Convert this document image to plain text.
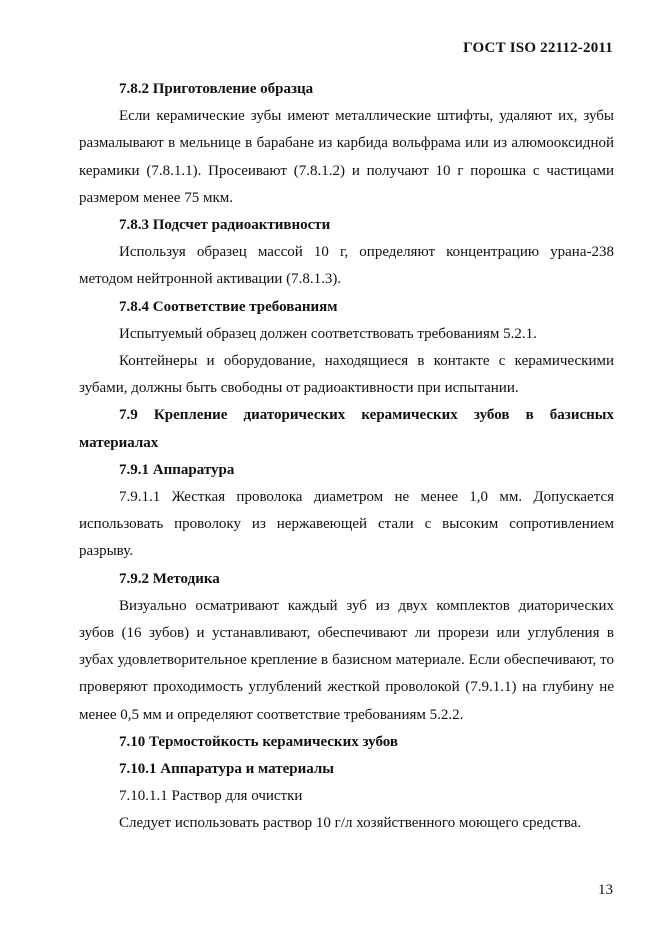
ГОСТ ISO 22112-2011

7.8.2 Приготовление образца

Если керамические зубы имеют металлические штифты, удаляют их, зубы размалывают в мельнице в барабане из карбида вольфрама или из алюмооксидной керамики (7.8.1.1). Просеивают (7.8.1.2) и получают 10 г порошка с частицами размером менее 75 мкм.

7.8.3 Подсчет радиоактивности

Используя образец массой 10 г, определяют концентрацию урана-238 методом нейтронной активации (7.8.1.3).

7.8.4 Соответствие требованиям

Испытуемый образец должен соответствовать требованиям 5.2.1.

Контейнеры и оборудование, находящиеся в контакте с керамическими зубами, должны быть свободны от радиоактивности при испытании.

7.9 Крепление диаторических керамических зубов в базисных материалах

7.9.1 Аппаратура

7.9.1.1 Жесткая проволока диаметром не менее 1,0 мм. Допускается использовать проволоку из нержавеющей стали с высоким сопротивлением разрыву.

7.9.2 Методика

Визуально осматривают каждый зуб из двух комплектов диаторических зубов (16 зубов) и устанавливают, обеспечивают ли прорези или углубления в зубах удовлетворительное крепление в базисном материале. Если обеспечивают, то проверяют проходимость углублений жесткой проволокой (7.9.1.1) на глубину не менее 0,5 мм и определяют соответствие требованиям 5.2.2.

7.10 Термостойкость керамических зубов

7.10.1 Аппаратура и материалы

7.10.1.1 Раствор для очистки

Следует использовать раствор 10 г/л хозяйственного моющего средства.

13
